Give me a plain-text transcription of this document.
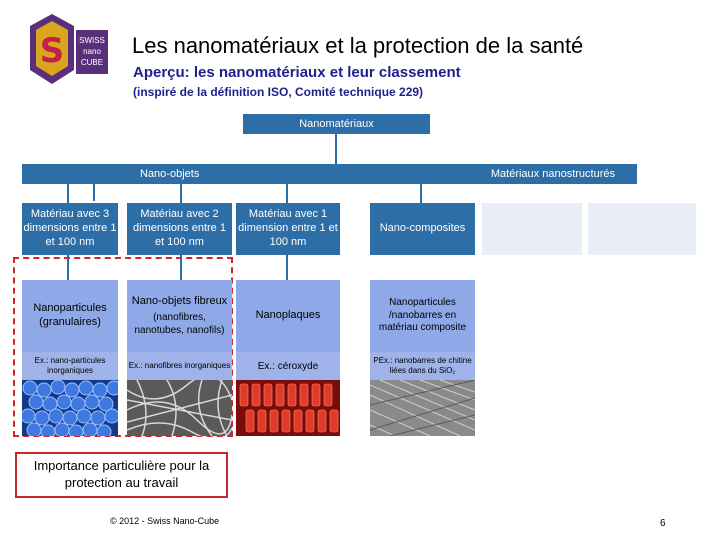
S SWISS
nano
CUBE
Les nanomatériaux et la protection de la santé
Aperçu: les nanomatériaux et leur classement
(inspiré de la définition ISO, Comité technique 229)
Nanomatériaux
Nano-objets	Matériaux nanostructurés
Matériau avec 3 dimensions entre 1 et 100 nm
Matériau avec 2 dimensions entre 1 et 100 nm
Matériau avec 1 dimension entre 1 et 100 nm
Nano-composites
Nanoparticules (granulaires)
Nano-objets fibreux
(nanofibres, nanotubes, nanofils)
Nanoplaques
Nanoparticules /nanobarres en matériau composite
Ex.: nano-particules inorganiques
Ex.: nanofibres inorganiques	Ex.: céroxyde
PEx.: nanobarres de chitine liées dans du SiO₂
Importance particulière pour la protection au travail
© 2012 - Swiss Nano-Cube	6
